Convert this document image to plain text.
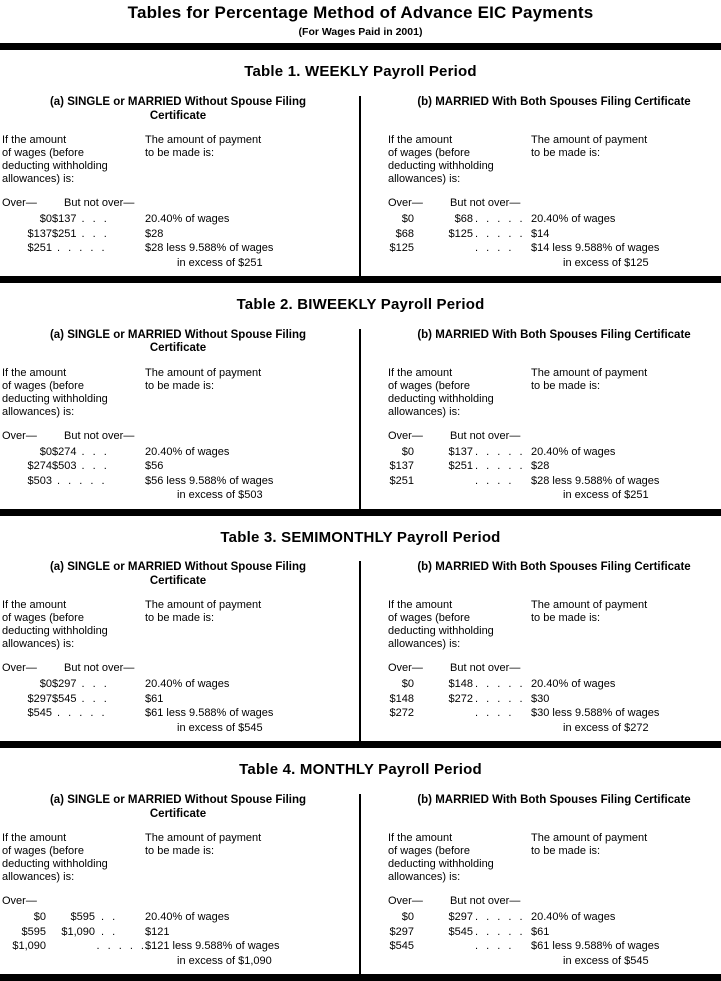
Tables for Percentage Method of Advance EIC Payments
(For Wages Paid in 2001)
Table 1. WEEKLY Payroll Period
(a) SINGLE or MARRIED Without Spouse Filing
Certificate
If the amount
of wages (before
deducting withholding
allowances) is:
The amount of payment
to be made is:
Over—	But not over—
$0 $137 . . .	20.40% of wages
$137 $251 . . .	$28
$251 . . . . .	$28 less 9.588% of wages
in excess of $251
(b) MARRIED With Both Spouses Filing Certificate
If the amount
of wages (before
deducting withholding
allowances) is:
The amount of payment
to be made is:
Over—	But not over—
$0	$68 . . . . . 20.40% of wages
$68	$125 . . . . . $14
$125	. . . . $14 less 9.588% of wages
in excess of $125
Table 2. BIWEEKLY Payroll Period
(a) SINGLE or MARRIED Without Spouse Filing
Certificate
If the amount
of wages (before
deducting withholding
allowances) is:
The amount of payment
to be made is:
Over—	But not over—
$0 $274 . . .	20.40% of wages
$274 $503 . . .	$56
$503 . . . . .	$56 less 9.588% of wages
in excess of $503
(b) MARRIED With Both Spouses Filing Certificate
If the amount
of wages (before
deducting withholding
allowances) is:
The amount of payment
to be made is:
Over—	But not over—
$0	$137 . . . . . 20.40% of wages
$137	$251 . . . . . $28
$251	. . . . $28 less 9.588% of wages
in excess of $251
Table 3. SEMIMONTHLY Payroll Period
(a) SINGLE or MARRIED Without Spouse Filing
Certificate
If the amount
of wages (before
deducting withholding
allowances) is:
The amount of payment
to be made is:
Over—	But not over—
$0 $297 . . .	20.40% of wages
$297 $545 . . .	$61
$545 . . . . .	$61 less 9.588% of wages
in excess of $545
(b) MARRIED With Both Spouses Filing Certificate
If the amount
of wages (before
deducting withholding
allowances) is:
The amount of payment
to be made is:
Over—	But not over—
$0	$148 . . . . . 20.40% of wages
$148	$272 . . . . . $30
$272	. . . . $30 less 9.588% of wages
in excess of $272
Table 4. MONTHLY Payroll Period
(a) SINGLE or MARRIED Without Spouse Filing
Certificate
If the amount
of wages (before
deducting withholding
allowances) is:
The amount of payment
to be made is:
Over—
$0	$595 . .	20.40% of wages
$595	$1,090 . .	$121
$1,090	. . . . . $121 less 9.588% of wages
in excess of $1,090
(b) MARRIED With Both Spouses Filing Certificate
If the amount
of wages (before
deducting withholding
allowances) is:
The amount of payment
to be made is:
Over—	But not over—
$0	$297 . . . . . 20.40% of wages
$297	$545 . . . . . $61
$545	. . . . $61 less 9.588% of wages
in excess of $545
